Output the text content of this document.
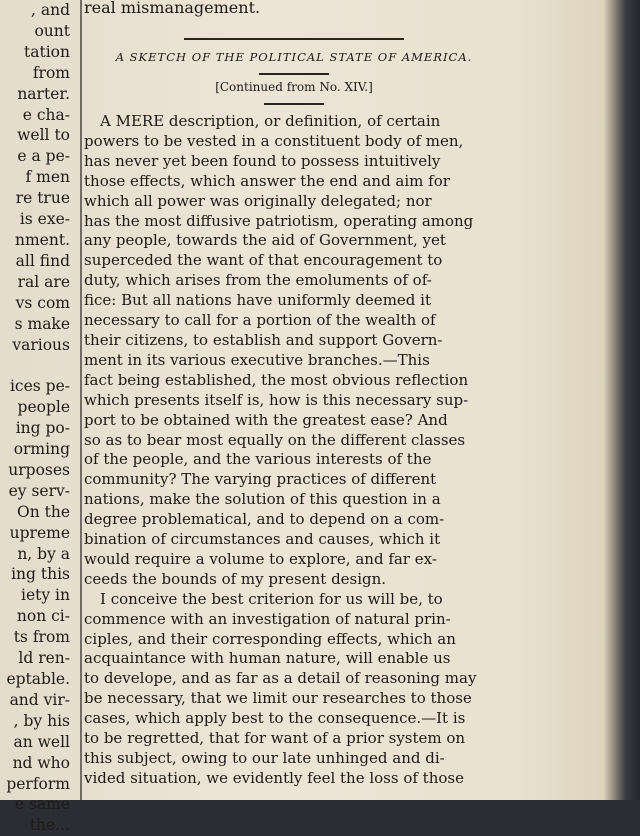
, and
ount
tation
from
narter.
e cha-
well to
e a pe-
f men
re true
is exe-
nment.
all find
ral are
vs com
s make
various

ices pe-
people
ing po-
orming
urposes
ey serv-
On the
upreme
n, by a
ing this
iety in
non ci-
ts from
ld ren-
eptable.
and vir-
, by his
an well
nd who
perform
e same
the...
real mismanagement.
A SKETCH OF THE POLITICAL STATE OF AMERICA.
[Continued from No. XIV.]
A MERE description, or definition, of certain
powers to be vested in a constituent body of men,
has never yet been found to possess intuitively
those effects, which answer the end and aim for
which all power was originally delegated; nor
has the most diffusive patriotism, operating among
any people, towards the aid of Government, yet
superceded the want of that encouragement to
duty, which arises from the emoluments of of-
fice: But all nations have uniformly deemed it
necessary to call for a portion of the wealth of
their citizens, to establish and support Govern-
ment in its various executive branches.—This
fact being established, the most obvious reflection
which presents itself is, how is this necessary sup-
port to be obtained with the greatest ease? And
so as to bear most equally on the different classes
of the people, and the various interests of the
community? The varying practices of different
nations, make the solution of this question in a
degree problematical, and to depend on a com-
bination of circumstances and causes, which it
would require a volume to explore, and far ex-
ceeds the bounds of my present design.
I conceive the best criterion for us will be, to
commence with an investigation of natural prin-
ciples, and their corresponding effects, which an
acquaintance with human nature, will enable us
to develope, and as far as a detail of reasoning may
be necessary, that we limit our researches to those
cases, which apply best to the consequence.—It is
to be regretted, that for want of a prior system on
this subject, owing to our late unhinged and di-
vided situation, we evidently feel the loss of those
